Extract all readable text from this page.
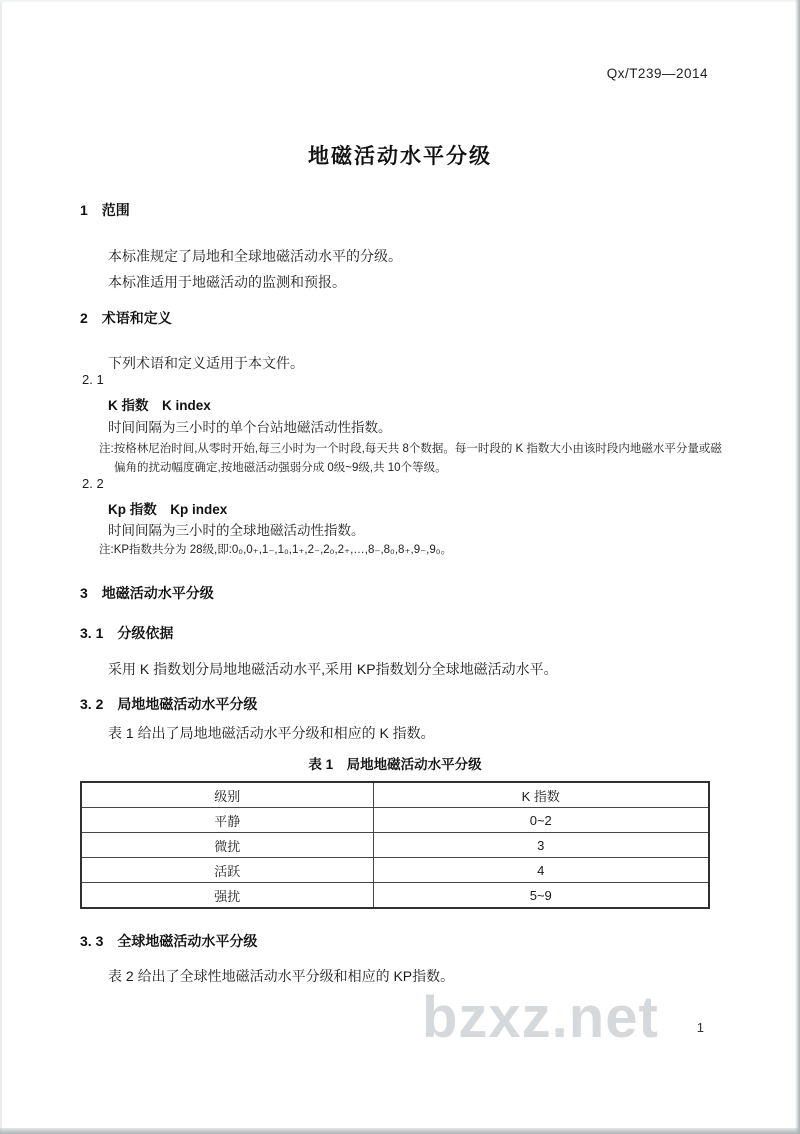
Qx/T239—2014
地磁活动水平分级
1　范围
本标准规定了局地和全球地磁活动水平的分级。
本标准适用于地磁活动的监测和预报。
2　术语和定义
下列术语和定义适用于本文件。
2. 1
K 指数　K index
时间间隔为三小时的单个台站地磁活动性指数。
注:按格林尼治时间,从零时开始,每三小时为一个时段,每天共 8个数据。每一时段的 K 指数大小由该时段内地磁水平分量或磁偏角的扰动幅度确定,按地磁活动强弱分成 0级~9级,共 10个等级。
2. 2
Kp 指数　Kp index
时间间隔为三小时的全球地磁活动性指数。
注:KP指数共分为 28级,即:0₀,0₊,1₋,1₀,1₊,2₋,2₀,2₊,…,8₋,8₀,8₊,9₋,9₀。
3　地磁活动水平分级
3. 1　分级依据
采用 K 指数划分局地地磁活动水平,采用 KP指数划分全球地磁活动水平。
3. 2　局地地磁活动水平分级
表 1 给出了局地地磁活动水平分级和相应的 K 指数。
表 1　局地地磁活动水平分级
级别	K 指数
平静	0~2
微扰	3
活跃	4
强扰	5~9
3. 3　全球地磁活动水平分级
表 2 给出了全球性地磁活动水平分级和相应的 KP指数。
bzxz.net	1
